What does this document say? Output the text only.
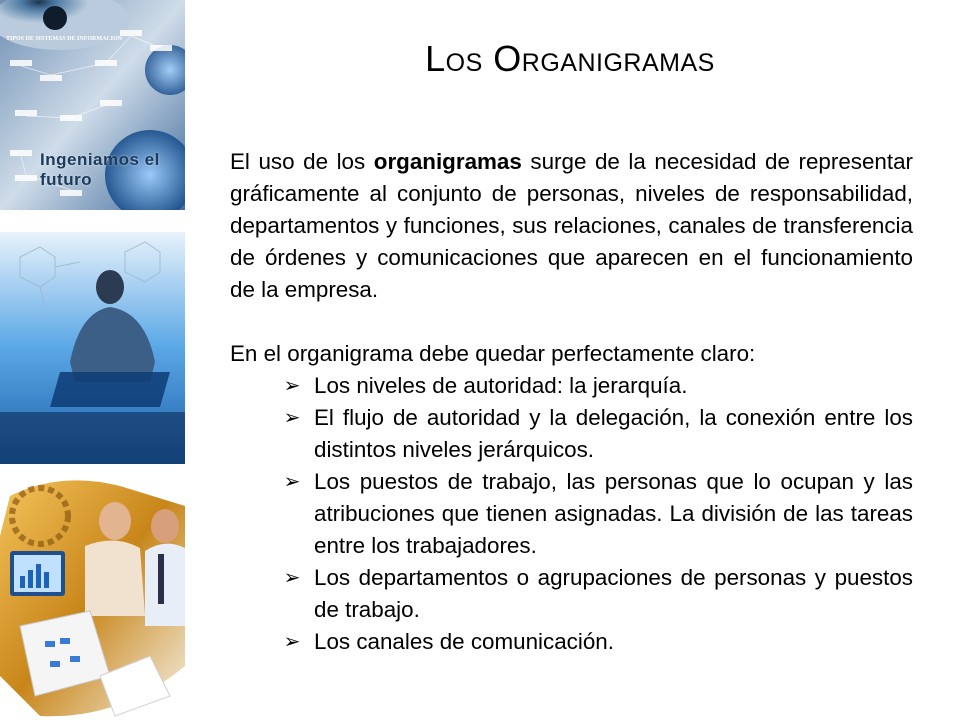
TIPOS DE SISTEMAS DE INFORMACION
Ingeniamos el futuro
Los Organigramas

El uso de los organigramas surge de la necesidad de representar gráficamente al conjunto de personas, niveles de responsabilidad, departamentos y funciones, sus relaciones, canales de transferencia de órdenes y comunicaciones que aparecen en el funcionamiento de la empresa.

En el organigrama debe quedar perfectamente claro:

➢ Los niveles de autoridad: la jerarquía.
➢ El flujo de autoridad y la delegación, la conexión entre los distintos niveles jerárquicos.
➢ Los puestos de trabajo, las personas que lo ocupan y las atribuciones que tienen asignadas. La división de las tareas entre los trabajadores.
➢ Los departamentos o agrupaciones de personas y puestos de trabajo.
➢ Los canales de comunicación.
